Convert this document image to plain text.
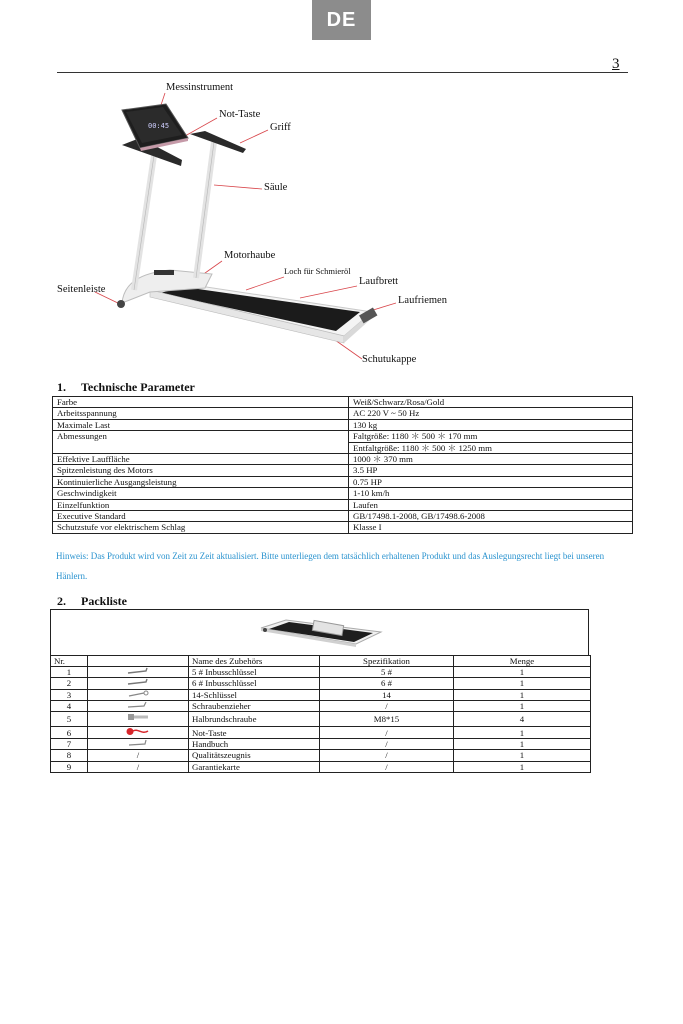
DE
3
00:45
Messinstrument
Not-Taste
Griff
Säule
Motorhaube
Loch für Schmieröl
Laufbrett
Laufriemen
Seitenleiste
Schutukappe
1. Technische Parameter
Farbe	Weiß/Schwarz/Rosa/Gold
Arbeitsspannung	AC 220 V ~ 50 Hz
Maximale Last	130 kg
Abmessungen	Faltgröße: 1180 ＊ 500 ＊ 170 mm
	Entfaltgröße: 1180 ＊ 500 ＊ 1250 mm
Effektive Lauffläche	1000 ＊ 370 mm
Spitzenleistung des Motors	3.5 HP
Kontinuierliche Ausgangsleistung	0.75 HP
Geschwindigkeit	1-10 km/h
Einzelfunktion	Laufen
Executive Standard	GB/17498.1-2008, GB/17498.6-2008
Schutzstufe vor elektrischem Schlag	Klasse I
Hinweis: Das Produkt wird von Zeit zu Zeit aktualisiert. Bitte unterliegen dem tatsächlich erhaltenen Produkt und das Auslegungsrecht liegt bei unseren Hänlern.
2. Packliste
Nr.		Name des Zubehörs	Spezifikation	Menge
1		5 # Inbusschlüssel	5 #	1
2		6 # Inbusschlüssel	6 #	1
3		14-Schlüssel	14	1
4		Schraubenzieher	/	1
5		Halbrundschraube	M8*15	4
6		Not-Taste	/	1
7		Handbuch	/	1
8	/	Qualitätszeugnis	/	1
9	/	Garantiekarte	/	1
